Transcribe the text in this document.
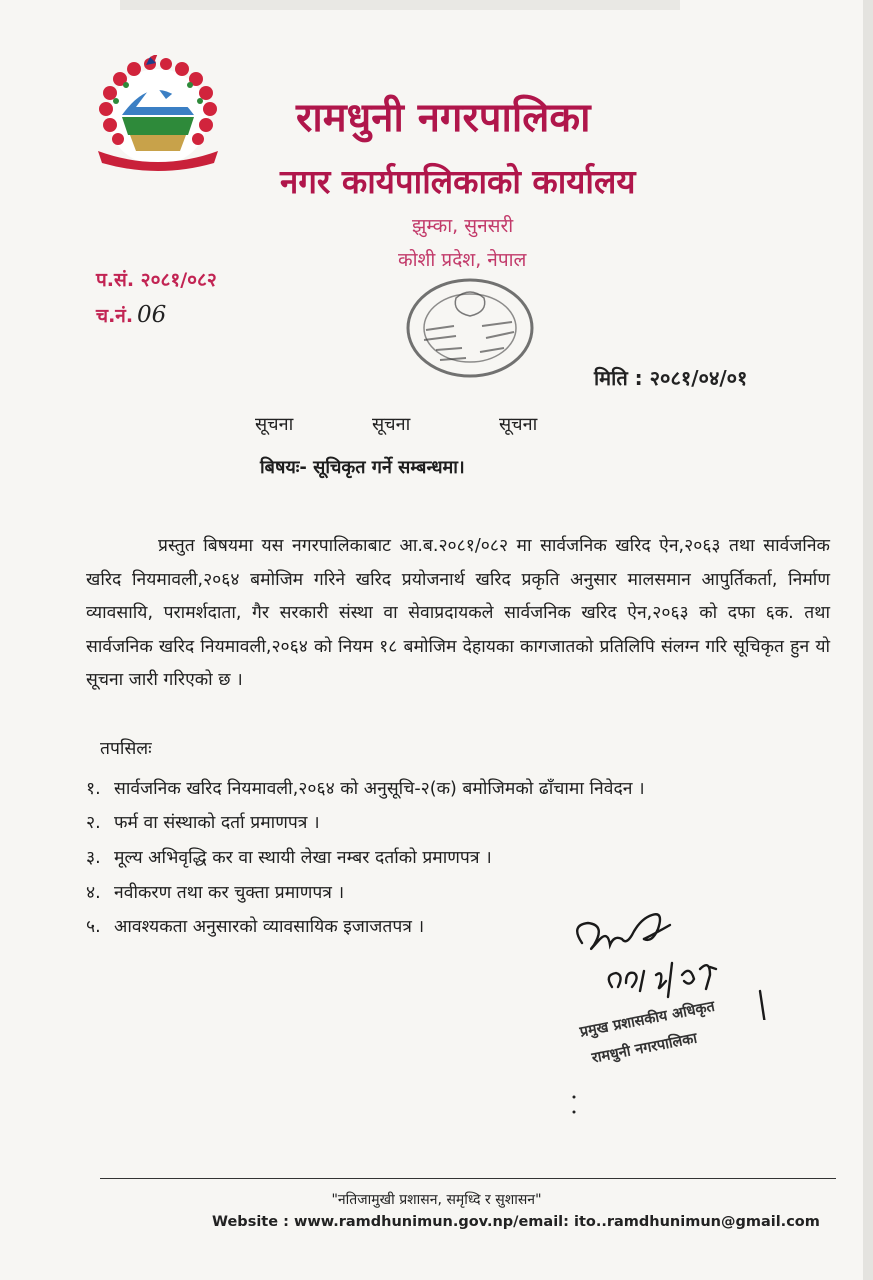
रामधुनी नगरपालिका
नगर कार्यपालिकाको कार्यालय
झुम्का, सुनसरी
कोशी प्रदेश, नेपाल
प.सं. २०८१/०८२
च.नं. 06
मिति : २०८१/०४/०१
सूचना	सूचना	सूचना
बिषयः- सूचिकृत गर्ने सम्बन्धमा।
प्रस्तुत बिषयमा यस नगरपालिकाबाट आ.ब.२०८१/०८२ मा सार्वजनिक खरिद ऐन,२०६३ तथा सार्वजनिक खरिद नियमावली,२०६४ बमोजिम गरिने खरिद प्रयोजनार्थ खरिद प्रकृति अनुसार मालसमान आपुर्तिकर्ता, निर्माण व्यावसायि, परामर्शदाता, गैर सरकारी संस्था वा सेवाप्रदायकले सार्वजनिक खरिद ऐन,२०६३ को दफा ६क. तथा सार्वजनिक खरिद नियमावली,२०६४ को नियम १८ बमोजिम देहायका कागजातको प्रतिलिपि संलग्न गरि सूचिकृत हुन यो सूचना जारी गरिएको छ ।
तपसिलः
१. सार्वजनिक खरिद नियमावली,२०६४ को अनुसूचि-२(क) बमोजिमको ढाँचामा निवेदन ।
२. फर्म वा संस्थाको दर्ता प्रमाणपत्र ।
३. मूल्य अभिवृद्धि कर वा स्थायी लेखा नम्बर दर्ताको प्रमाणपत्र ।
४. नवीकरण तथा कर चुक्ता प्रमाणपत्र ।
५. आवश्यकता अनुसारको व्यावसायिक इजाजतपत्र ।
प्रमुख प्रशासकीय अधिकृत
रामधुनी नगरपालिका
"नतिजामुखी प्रशासन, समृध्दि र सुशासन"
Website : www.ramdhunimun.gov.np/email: ito..ramdhunimun@gmail.com
